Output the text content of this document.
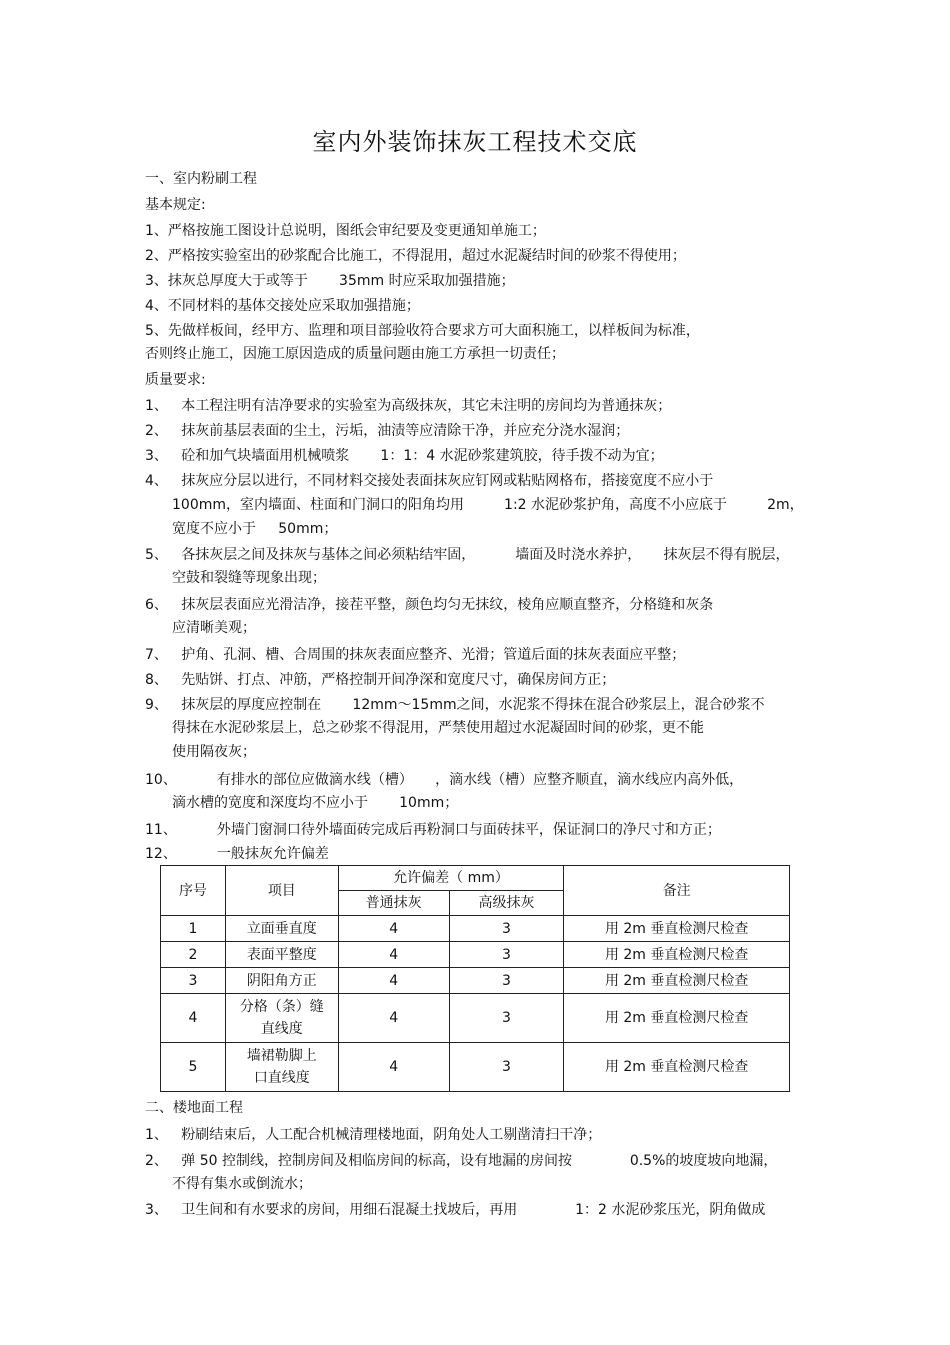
室内外装饰抹灰工程技术交底
一、室内粉刷工程
基本规定:
1、严格按施工图设计总说明，图纸会审纪要及变更通知单施工；
2、严格按实验室出的砂浆配合比施工，不得混用，超过水泥凝结时间的砂浆不得使用；
3、抹灰总厚度大于或等于       35mm 时应采取加强措施；
4、不同材料的基体交接处应采取加强措施；
5、先做样板间，经甲方、监理和项目部验收符合要求方可大面积施工，以样板间为标准，
否则终止施工，因施工原因造成的质量问题由施工方承担一切责任；
质量要求:
1、   本工程注明有洁净要求的实验室为高级抹灰，其它未注明的房间均为普通抹灰；
2、   抹灰前基层表面的尘土，污垢，油渍等应清除干净，并应充分浇水湿润；
3、   砼和加气块墙面用机械喷浆       1：1：4 水泥砂浆建筑胶，待手拨不动为宜；
4、   抹灰应分层以进行，不同材料交接处表面抹灰应钉网或粘贴网格布，搭接宽度不应小于
100mm，室内墙面、柱面和门洞口的阳角均用         1:2 水泥砂浆护角，高度不小应底于         2m，
宽度不应小于     50mm；
5、   各抹灰层之间及抹灰与基体之间必须粘结牢固，         墙面及时浇水养护，     抹灰层不得有脱层，
空鼓和裂缝等现象出现；
6、   抹灰层表面应光滑洁净，接茬平整，颜色均匀无抹纹，棱角应顺直整齐，分格缝和灰条
应清晰美观；
7、   护角、孔洞、槽、合周围的抹灰表面应整齐、光滑；管道后面的抹灰表面应平整；
8、   先贴饼、打点、冲筋，严格控制开间净深和宽度尺寸，确保房间方正；
9、   抹灰层的厚度应控制在       12mm～15mm之间，水泥浆不得抹在混合砂浆层上，混合砂浆不
得抹在水泥砂浆层上，总之砂浆不得混用，严禁使用超过水泥凝固时间的砂浆，更不能
使用隔夜灰；
10、         有排水的部位应做滴水线（槽）     ，滴水线（槽）应整齐顺直，滴水线应内高外低，
滴水槽的宽度和深度均不应小于       10mm；
11、         外墙门窗洞口待外墙面砖完成后再粉洞口与面砖抹平，保证洞口的净尺寸和方正；
12、         一般抹灰允许偏差
序号	项目	允许偏差（ mm）		备注
		普通抹灰	高级抹灰	
1	立面垂直度	4	3	用 2m 垂直检测尺检查
2	表面平整度	4	3	用 2m 垂直检测尺检查
3	阴阳角方正	4	3	用 2m 垂直检测尺检查
4	分格（条）缝
直线度	4	3	用 2m 垂直检测尺检查
5	墙裙勒脚上
口直线度	4	3	用 2m 垂直检测尺检查
二、楼地面工程
1、   粉刷结束后，人工配合机械清理楼地面，阴角处人工剔凿清扫干净；
2、   弹 50 控制线，控制房间及相临房间的标高，设有地漏的房间按             0.5%的坡度坡向地漏，
不得有集水或倒流水；
3、   卫生间和有水要求的房间，用细石混凝土找坡后，再用             1：2 水泥砂浆压光，阴角做成
